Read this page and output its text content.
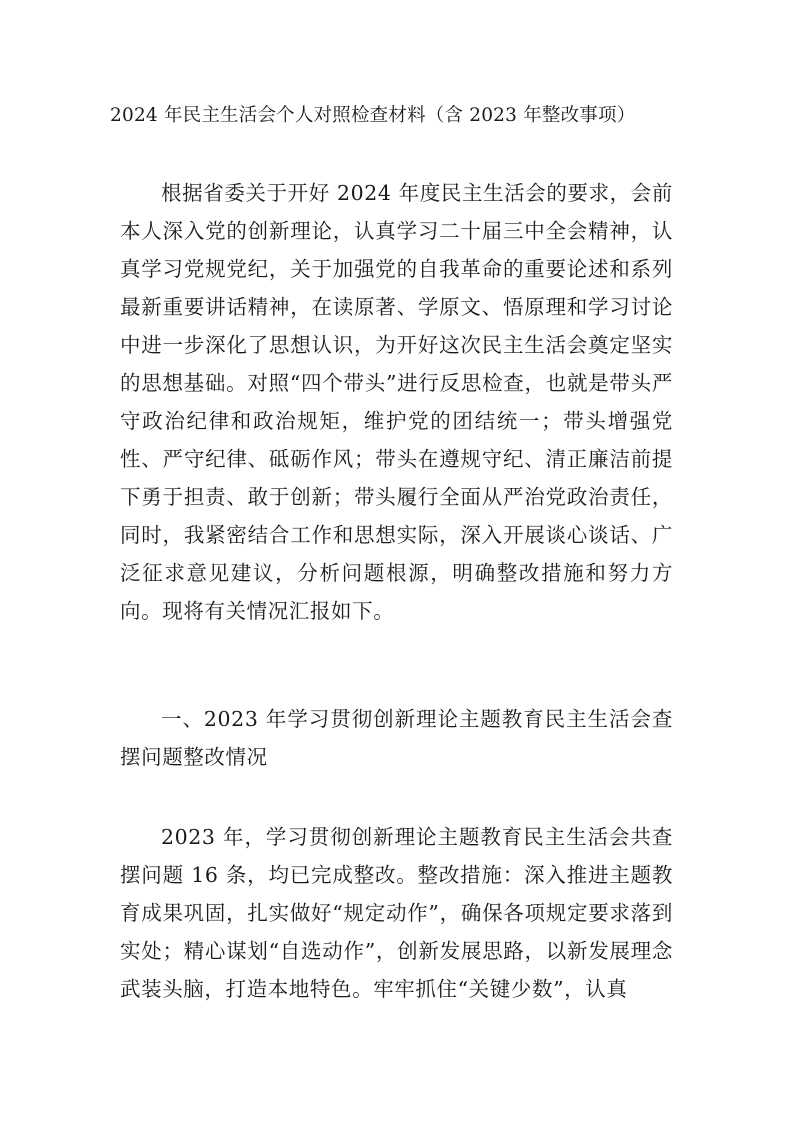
2024 年民主生活会个人对照检查材料（含 2023 年整改事项）

根据省委关于开好 2024 年度民主生活会的要求，会前本人深入党的创新理论，认真学习二十届三中全会精神，认真学习党规党纪，关于加强党的自我革命的重要论述和系列最新重要讲话精神，在读原著、学原文、悟原理和学习讨论中进一步深化了思想认识，为开好这次民主生活会奠定坚实的思想基础。对照“四个带头”进行反思检查，也就是带头严守政治纪律和政治规矩，维护党的团结统一；带头增强党性、严守纪律、砥砺作风；带头在遵规守纪、清正廉洁前提下勇于担责、敢于创新；带头履行全面从严治党政治责任，同时，我紧密结合工作和思想实际，深入开展谈心谈话、广泛征求意见建议，分析问题根源，明确整改措施和努力方向。现将有关情况汇报如下。

一、2023 年学习贯彻创新理论主题教育民主生活会查摆问题整改情况

2023 年，学习贯彻创新理论主题教育民主生活会共查摆问题 16 条，均已完成整改。整改措施：深入推进主题教育成果巩固，扎实做好“规定动作”，确保各项规定要求落到实处；精心谋划“自选动作”，创新发展思路，以新发展理念武装头脑，打造本地特色。牢牢抓住“关键少数”，认真
